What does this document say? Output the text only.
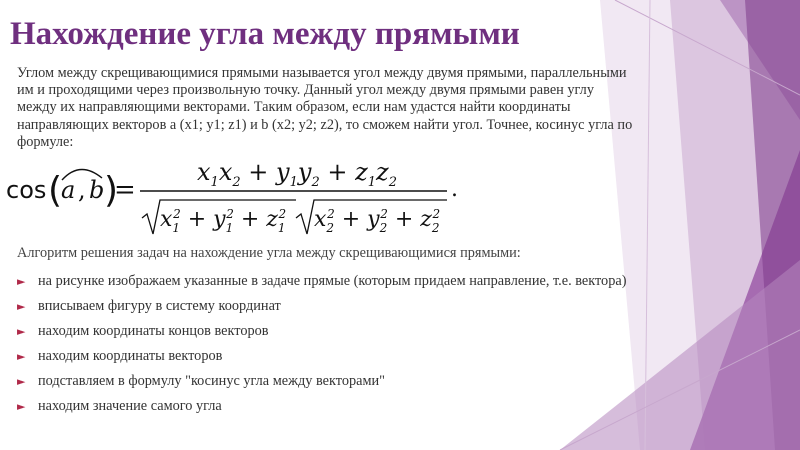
Нахождение угла между прямыми

Углом между скрещивающимися прямыми называется угол между двумя прямыми, параллельными им и проходящими через произвольную точку. Данный угол между двумя прямыми равен углу между их направляющими векторами. Таким образом, если нам удастся найти координаты направляющих векторов a (x1; y1; z1) и b (x2; y2; z2), то сможем найти угол. Точнее, косинус угла по формуле:

cos (
a , b )
=
$x_1x_2 + y_1y_2 + z_1z_2$
$x_12 + y_12 + z_12$ $x_22 + y_22 + z_22$
.

Алгоритм решения задач на нахождение угла между скрещивающимися прямыми:

► на рисунке изображаем указанные в задаче прямые (которым придаем направление, т.е. вектора)
► вписываем фигуру в систему координат
► находим координаты концов векторов
► находим координаты векторов
► подставляем в формулу "косинус угла между векторами"
► находим значение самого угла
